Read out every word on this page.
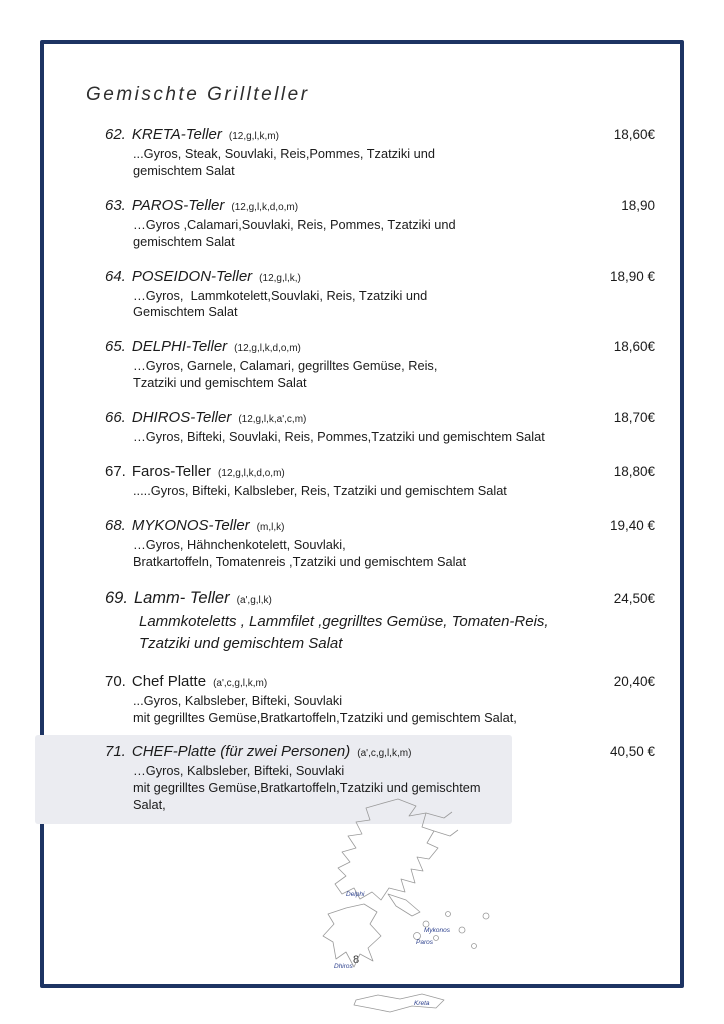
Gemischte Grillteller
62. KRETA-Teller (12,g,l,k,m)	18,60€
...Gyros, Steak, Souvlaki, Reis,Pommes, Tzatziki und
gemischtem Salat
63. PAROS-Teller (12,g,l,k,d,o,m)	18,90
…Gyros ,Calamari,Souvlaki, Reis, Pommes, Tzatziki und
gemischtem Salat
64. POSEIDON-Teller (12,g,l,k,)	18,90 €
…Gyros,  Lammkotelett,Souvlaki, Reis, Tzatziki und
Gemischtem Salat
65. DELPHI-Teller (12,g,l,k,d,o,m)	18,60€
…Gyros, Garnele, Calamari, gegrilltes Gemüse, Reis,
Tzatziki und gemischtem Salat
66. DHIROS-Teller (12,g,l,k,a',c,m)	18,70€
…Gyros, Bifteki, Souvlaki, Reis, Pommes,Tzatziki und gemischtem Salat
67. Faros-Teller (12,g,l,k,d,o,m)	18,80€
.....Gyros, Bifteki, Kalbsleber, Reis, Tzatziki und gemischtem Salat
68. MYKONOS-Teller (m,l,k)	19,40 €
…Gyros, Hähnchenkotelett, Souvlaki,
Bratkartoffeln, Tomatenreis ,Tzatziki und gemischtem Salat
69. Lamm- Teller (a',g,l,k)	24,50€
Lammkoteletts , Lammfilet ,gegrilltes Gemüse, Tomaten-Reis,
Tzatziki und gemischtem Salat
70. Chef Platte (a',c,g,l,k,m)	20,40€
...Gyros, Kalbsleber, Bifteki, Souvlaki
mit gegrilltes Gemüse,Bratkartoffeln,Tzatziki und gemischtem Salat,
71. CHEF-Platte (für zwei Personen) (a',c,g,l,k,m)	40,50 €
…Gyros, Kalbsleber, Bifteki, Souvlaki
mit gegrilltes Gemüse,Bratkartoffeln,Tzatziki und gemischtem
Salat,
8
Delphi
Mykonos
Paros
Dhiros
Kreta
